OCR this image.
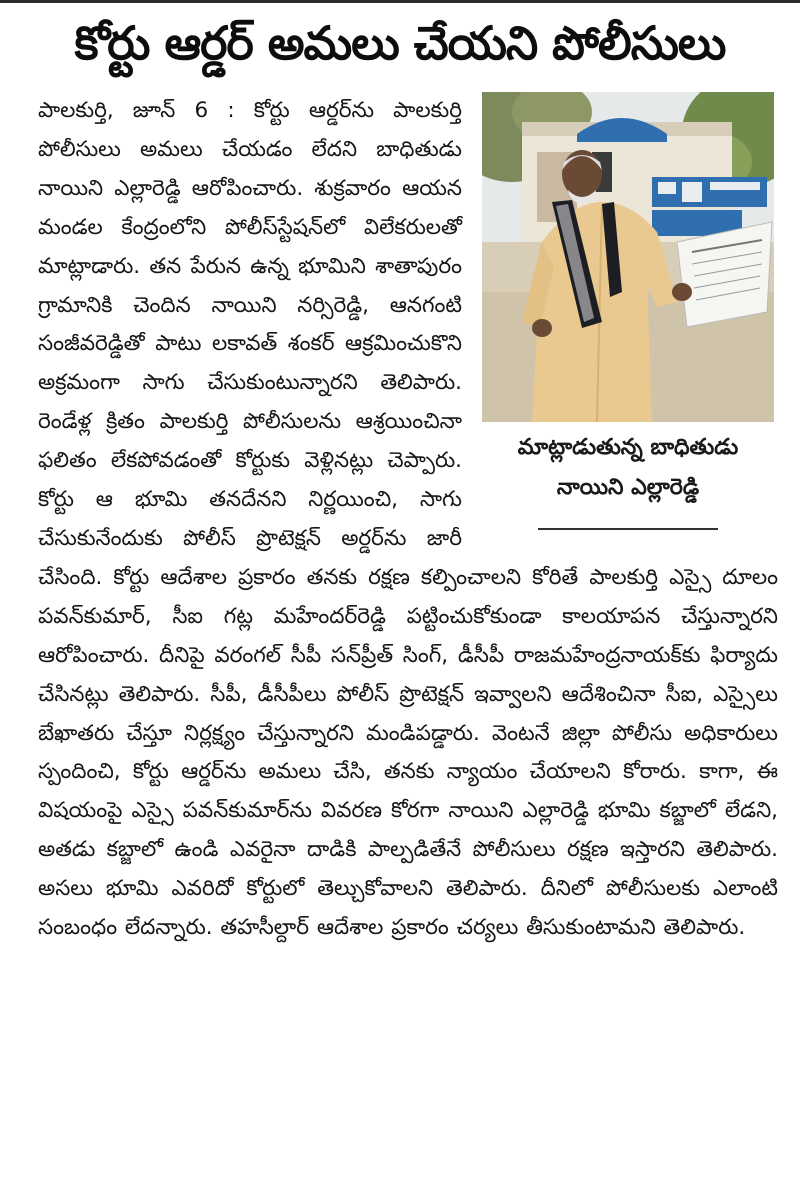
కోర్టు ఆర్డర్ అమలు చేయని పోలీసులు
మాట్లాడుతున్న బాధితుడు
నాయిని ఎల్లారెడ్డి

పాలకుర్తి, జూన్ 6 : కోర్టు ఆర్డర్‌ను పాలకుర్తి పోలీసులు అమలు చేయడం లేదని బాధితుడు నాయిని ఎల్లారెడ్డి ఆరోపించారు. శుక్రవారం ఆయన మండల కేంద్రంలోని పోలీస్‌స్టేషన్‌లో విలేకరులతో మాట్లాడారు. తన పేరున ఉన్న భూమిని శాతాపురం గ్రామానికి చెందిన నాయిని నర్సిరెడ్డి, ఆనగంటి సంజీవరెడ్డితో పాటు లకావత్ శంకర్ ఆక్రమించుకొని అక్రమంగా సాగు చేసుకుంటున్నారని తెలిపారు. రెండేళ్ల క్రితం పాలకుర్తి పోలీసులను ఆశ్రయించినా ఫలితం లేకపోవడంతో కోర్టుకు వెళ్లినట్లు చెప్పారు. కోర్టు ఆ భూమి తనదేనని నిర్ణయించి, సాగు చేసుకునేందుకు పోలీస్ ప్రొటెక్షన్ అర్డర్‌ను జారీ చేసింది. కోర్టు ఆదేశాల ప్రకారం తనకు రక్షణ కల్పించాలని కోరితే పాలకుర్తి ఎస్సై దూలం పవన్‌కుమార్, సీఐ గట్ల మహేందర్‌రెడ్డి పట్టించుకోకుండా కాలయాపన చేస్తున్నారని ఆరోపించారు. దీనిపై వరంగల్ సీపీ సన్‌ప్రీత్ సింగ్, డీసీపీ రాజమహేంద్రనాయక్‌కు ఫిర్యాదు చేసినట్లు తెలిపారు. సీపీ, డీసీపీలు పోలీస్ ప్రొటెక్షన్ ఇవ్వాలని ఆదేశించినా సీఐ, ఎస్సైలు బేఖాతరు చేస్తూ నిర్లక్ష్యం చేస్తున్నారని మండిపడ్డారు. వెంటనే జిల్లా పోలీసు అధికారులు స్పందించి, కోర్టు ఆర్డర్‌ను అమలు చేసి, తనకు న్యాయం చేయాలని కోరారు. కాగా, ఈ విషయంపై ఎస్సై పవన్‌కుమార్‌ను వివరణ కోరగా నాయిని ఎల్లారెడ్డి భూమి కబ్జాలో లేడని, అతడు కబ్జాలో ఉండి ఎవరైనా దాడికి పాల్పడితేనే పోలీసులు రక్షణ ఇస్తారని తెలిపారు. అసలు భూమి ఎవరిదో కోర్టులో తెల్చుకోవాలని తెలిపారు. దీనిలో పోలీసులకు ఎలాంటి సంబంధం లేదన్నారు. తహసీల్దార్ ఆదేశాల ప్రకారం చర్యలు తీసుకుంటామని తెలిపారు.
